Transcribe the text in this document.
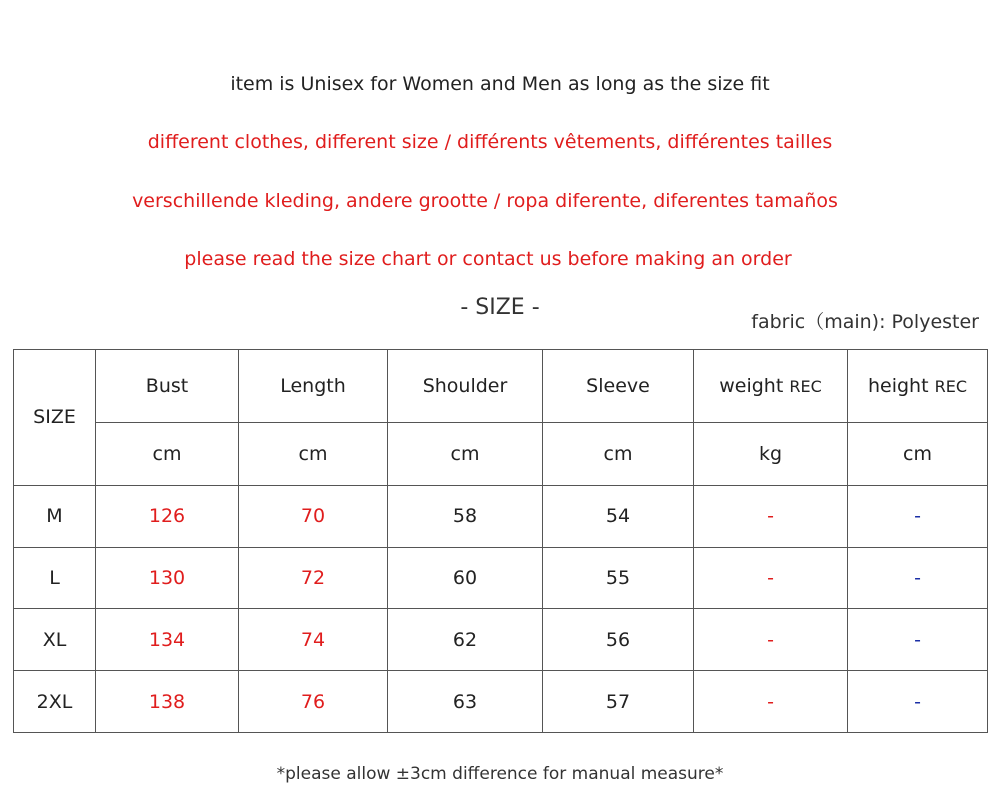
item is Unisex for Women and Men as long as the size fit
different clothes, different size / différents vêtements, différentes tailles
verschillende kleding, andere grootte / ropa diferente, diferentes tamaños
please read the size chart or contact us before making an order
- SIZE -
fabric（main): Polyester
SIZE	Bust	Length	Shoulder	Sleeve	weight REC	height REC
	cm	cm	cm	cm	kg	cm
M	126	70	58	54	-	-
L	130	72	60	55	-	-
XL	134	74	62	56	-	-
2XL	138	76	63	57	-	-
*please allow ±3cm difference for manual measure*
